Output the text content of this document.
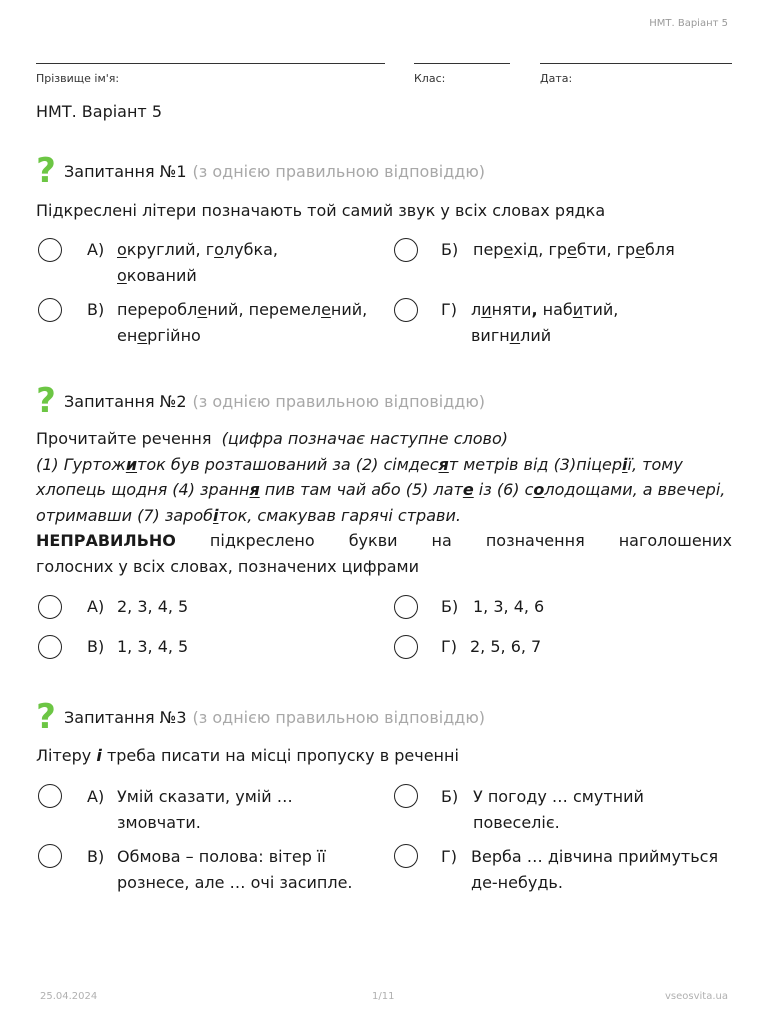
НМТ. Варіант 5
Прізвище ім'я:	Клас:	Дата:
НМТ. Варіант 5
? Запитання №1 (з однією правильною відповіддю)
Підкреслені літери позначають той самий звук у всіх словах рядка
А) округлий, голубка, окований
Б) перехід, гребти, гребля
В) перероблений, перемелений, енергійно
Г) линяти, набитий, вигнилий
? Запитання №2 (з однією правильною відповіддю)
Прочитайте речення (цифра позначає наступне слово)
(1) Гуртожиток був розташований за (2) сімдесят метрів від (3)піцерії, тому хлопець щодня (4) зрання пив там чай або (5) лате із (6) солодощами, а ввечері, отримавши (7) заробіток, смакував гарячі страви.
НЕПРАВИЛЬНО підкреслено букви на позначення наголошених
голосних у всіх словах, позначених цифрами
А) 2, 3, 4, 5	Б) 1, 3, 4, 6
В) 1, 3, 4, 5	Г) 2, 5, 6, 7
? Запитання №3 (з однією правильною відповіддю)
Літеру і треба писати на місці пропуску в реченні
А) Умій сказати, умій … змовчати.
Б) У погоду … смутний повеселіє.
В) Обмова – полова: вітер її рознесе, але … очі засипле.
Г) Верба … дівчина приймуться де-небудь.
25.04.2024	1/11	vseosvita.ua
